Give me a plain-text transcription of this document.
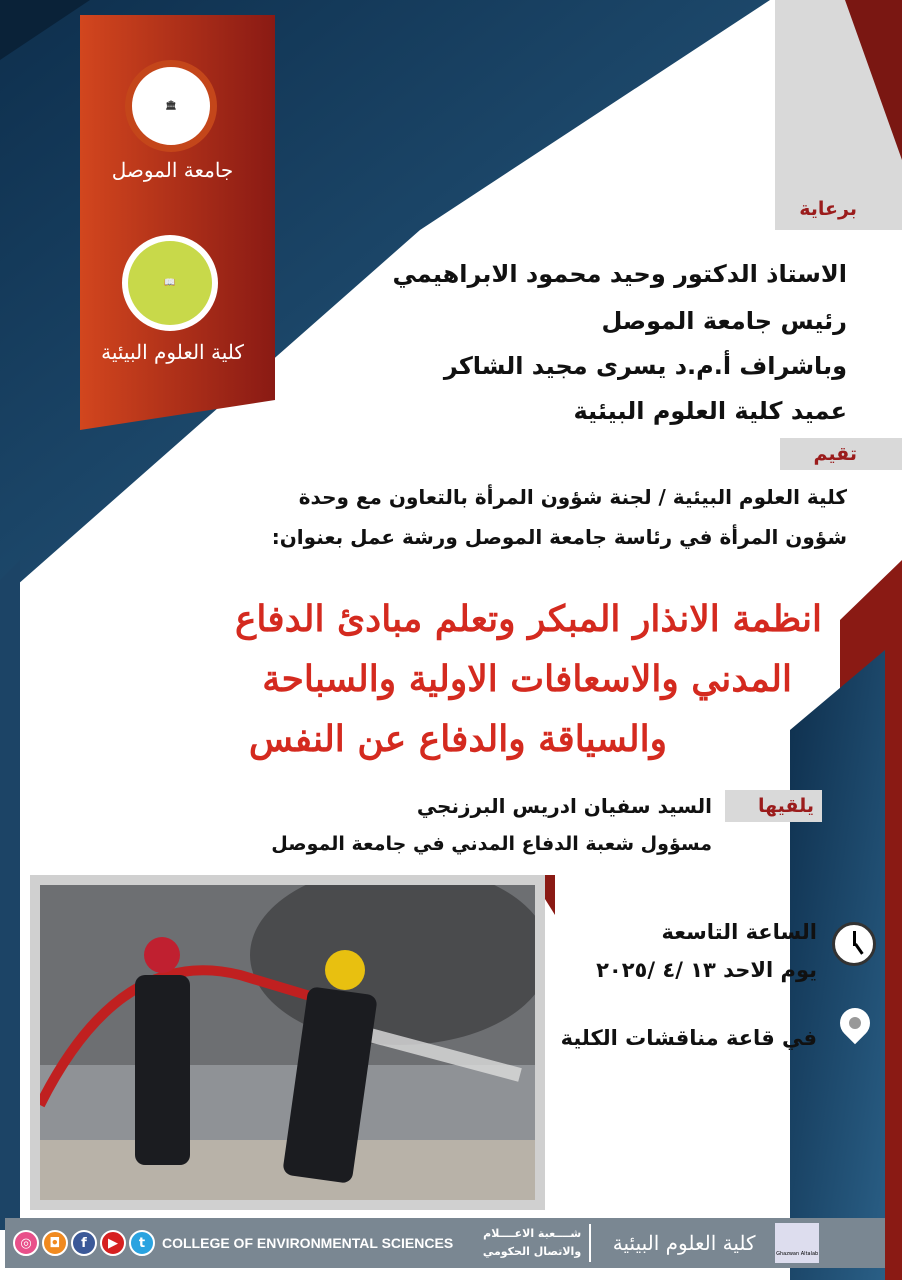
🏛
جامعة الموصل
📖
كلية العلوم البيئية
برعاية
الاستاذ الدكتور وحيد محمود الابراهيمي
رئيس جامعة الموصل
وباشراف أ.م.د يسرى مجيد الشاكر
عميد كلية العلوم البيئية
تقيم
كلية العلوم البيئية / لجنة شؤون المرأة بالتعاون مع وحدة
شؤون المرأة في رئاسة جامعة الموصل ورشة عمل بعنوان:
انظمة الانذار المبكر وتعلم مبادئ الدفاع
المدني والاسعافات الاولية والسباحة
والسياقة والدفاع عن النفس
يلقيها
السيد سفيان ادريس البرزنجي
مسؤول شعبة الدفاع المدني في جامعة الموصل
الساعة التاسعة
يوم الاحد ١٣ /٤ /٢٠٢٥
في قاعة مناقشات الكلية
◎	◘	f	▶	t	COLLEGE OF ENVIRONMENTAL SCIENCES
شــــعبة الاعــــلام
والاتصال الحكومي	كلية العلوم البيئية	Ghazwan Altalab
